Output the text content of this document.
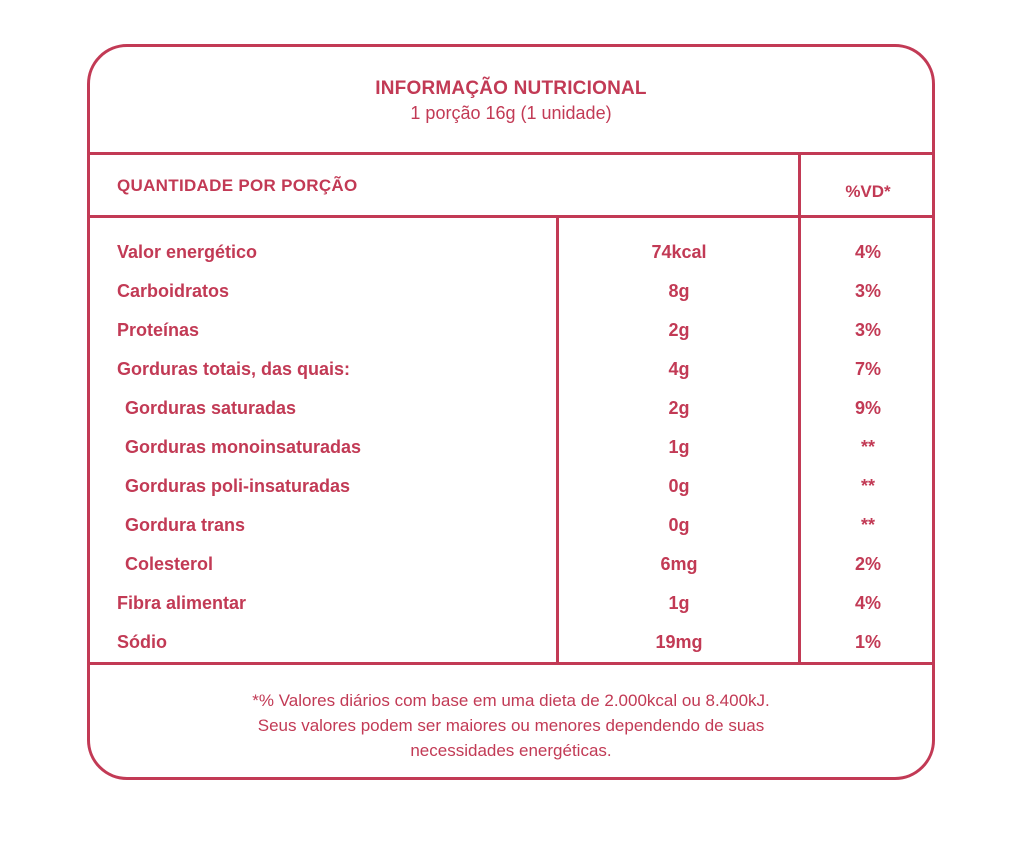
INFORMAÇÃO NUTRICIONAL
1 porção 16g (1 unidade)
QUANTIDADE POR PORÇÃO	%VD*
Valor energético	74kcal	4%
Carboidratos	8g	3%
Proteínas	2g	3%
Gorduras totais, das quais:	4g	7%
Gorduras saturadas	2g	9%
Gorduras monoinsaturadas	1g	**
Gorduras poli-insaturadas	0g	**
Gordura trans	0g	**
Colesterol	6mg	2%
Fibra alimentar	1g	4%
Sódio	19mg	1%
*% Valores diários com base em uma dieta de 2.000kcal ou 8.400kJ.
Seus valores podem ser maiores ou menores dependendo de suas
necessidades energéticas.
